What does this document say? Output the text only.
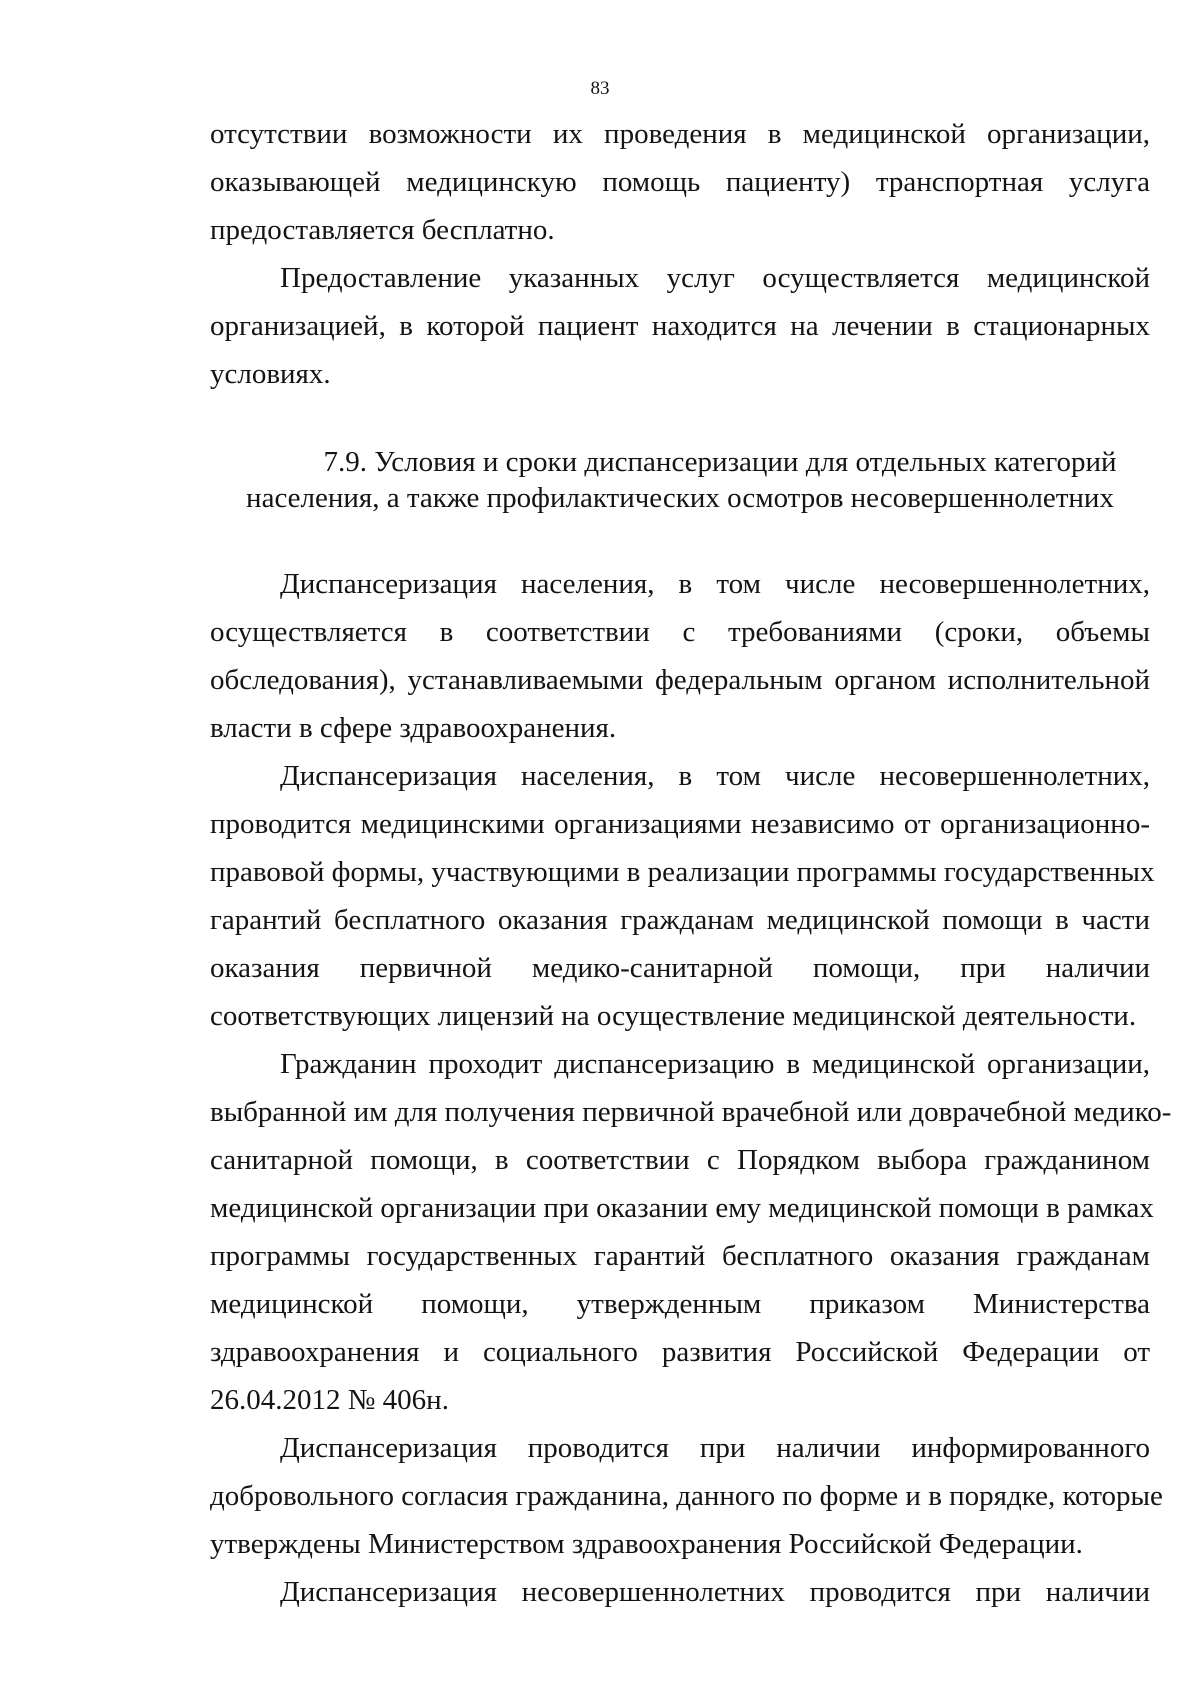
83
отсутствии возможности их проведения в медицинской организации,
оказывающей медицинскую помощь пациенту) транспортная услуга
предоставляется бесплатно.
Предоставление указанных услуг осуществляется медицинской
организацией, в которой пациент находится на лечении в стационарных
условиях.
7.9. Условия и сроки диспансеризации для отдельных категорий
населения, а также профилактических осмотров несовершеннолетних
Диспансеризация населения, в том числе несовершеннолетних,
осуществляется в соответствии с требованиями (сроки, объемы
обследования), устанавливаемыми федеральным органом исполнительной
власти в сфере здравоохранения.
Диспансеризация населения, в том числе несовершеннолетних,
проводится медицинскими организациями независимо от организационно-
правовой формы, участвующими в реализации программы государственных
гарантий бесплатного оказания гражданам медицинской помощи в части
оказания первичной медико-санитарной помощи, при наличии
соответствующих лицензий на осуществление медицинской деятельности.
Гражданин проходит диспансеризацию в медицинской организации,
выбранной им для получения первичной врачебной или доврачебной медико-
санитарной помощи, в соответствии с Порядком выбора гражданином
медицинской организации при оказании ему медицинской помощи в рамках
программы государственных гарантий бесплатного оказания гражданам
медицинской помощи, утвержденным приказом Министерства
здравоохранения и социального развития Российской Федерации от
26.04.2012 № 406н.
Диспансеризация проводится при наличии информированного
добровольного согласия гражданина, данного по форме и в порядке, которые
утверждены Министерством здравоохранения Российской Федерации.
Диспансеризация несовершеннолетних проводится при наличии
